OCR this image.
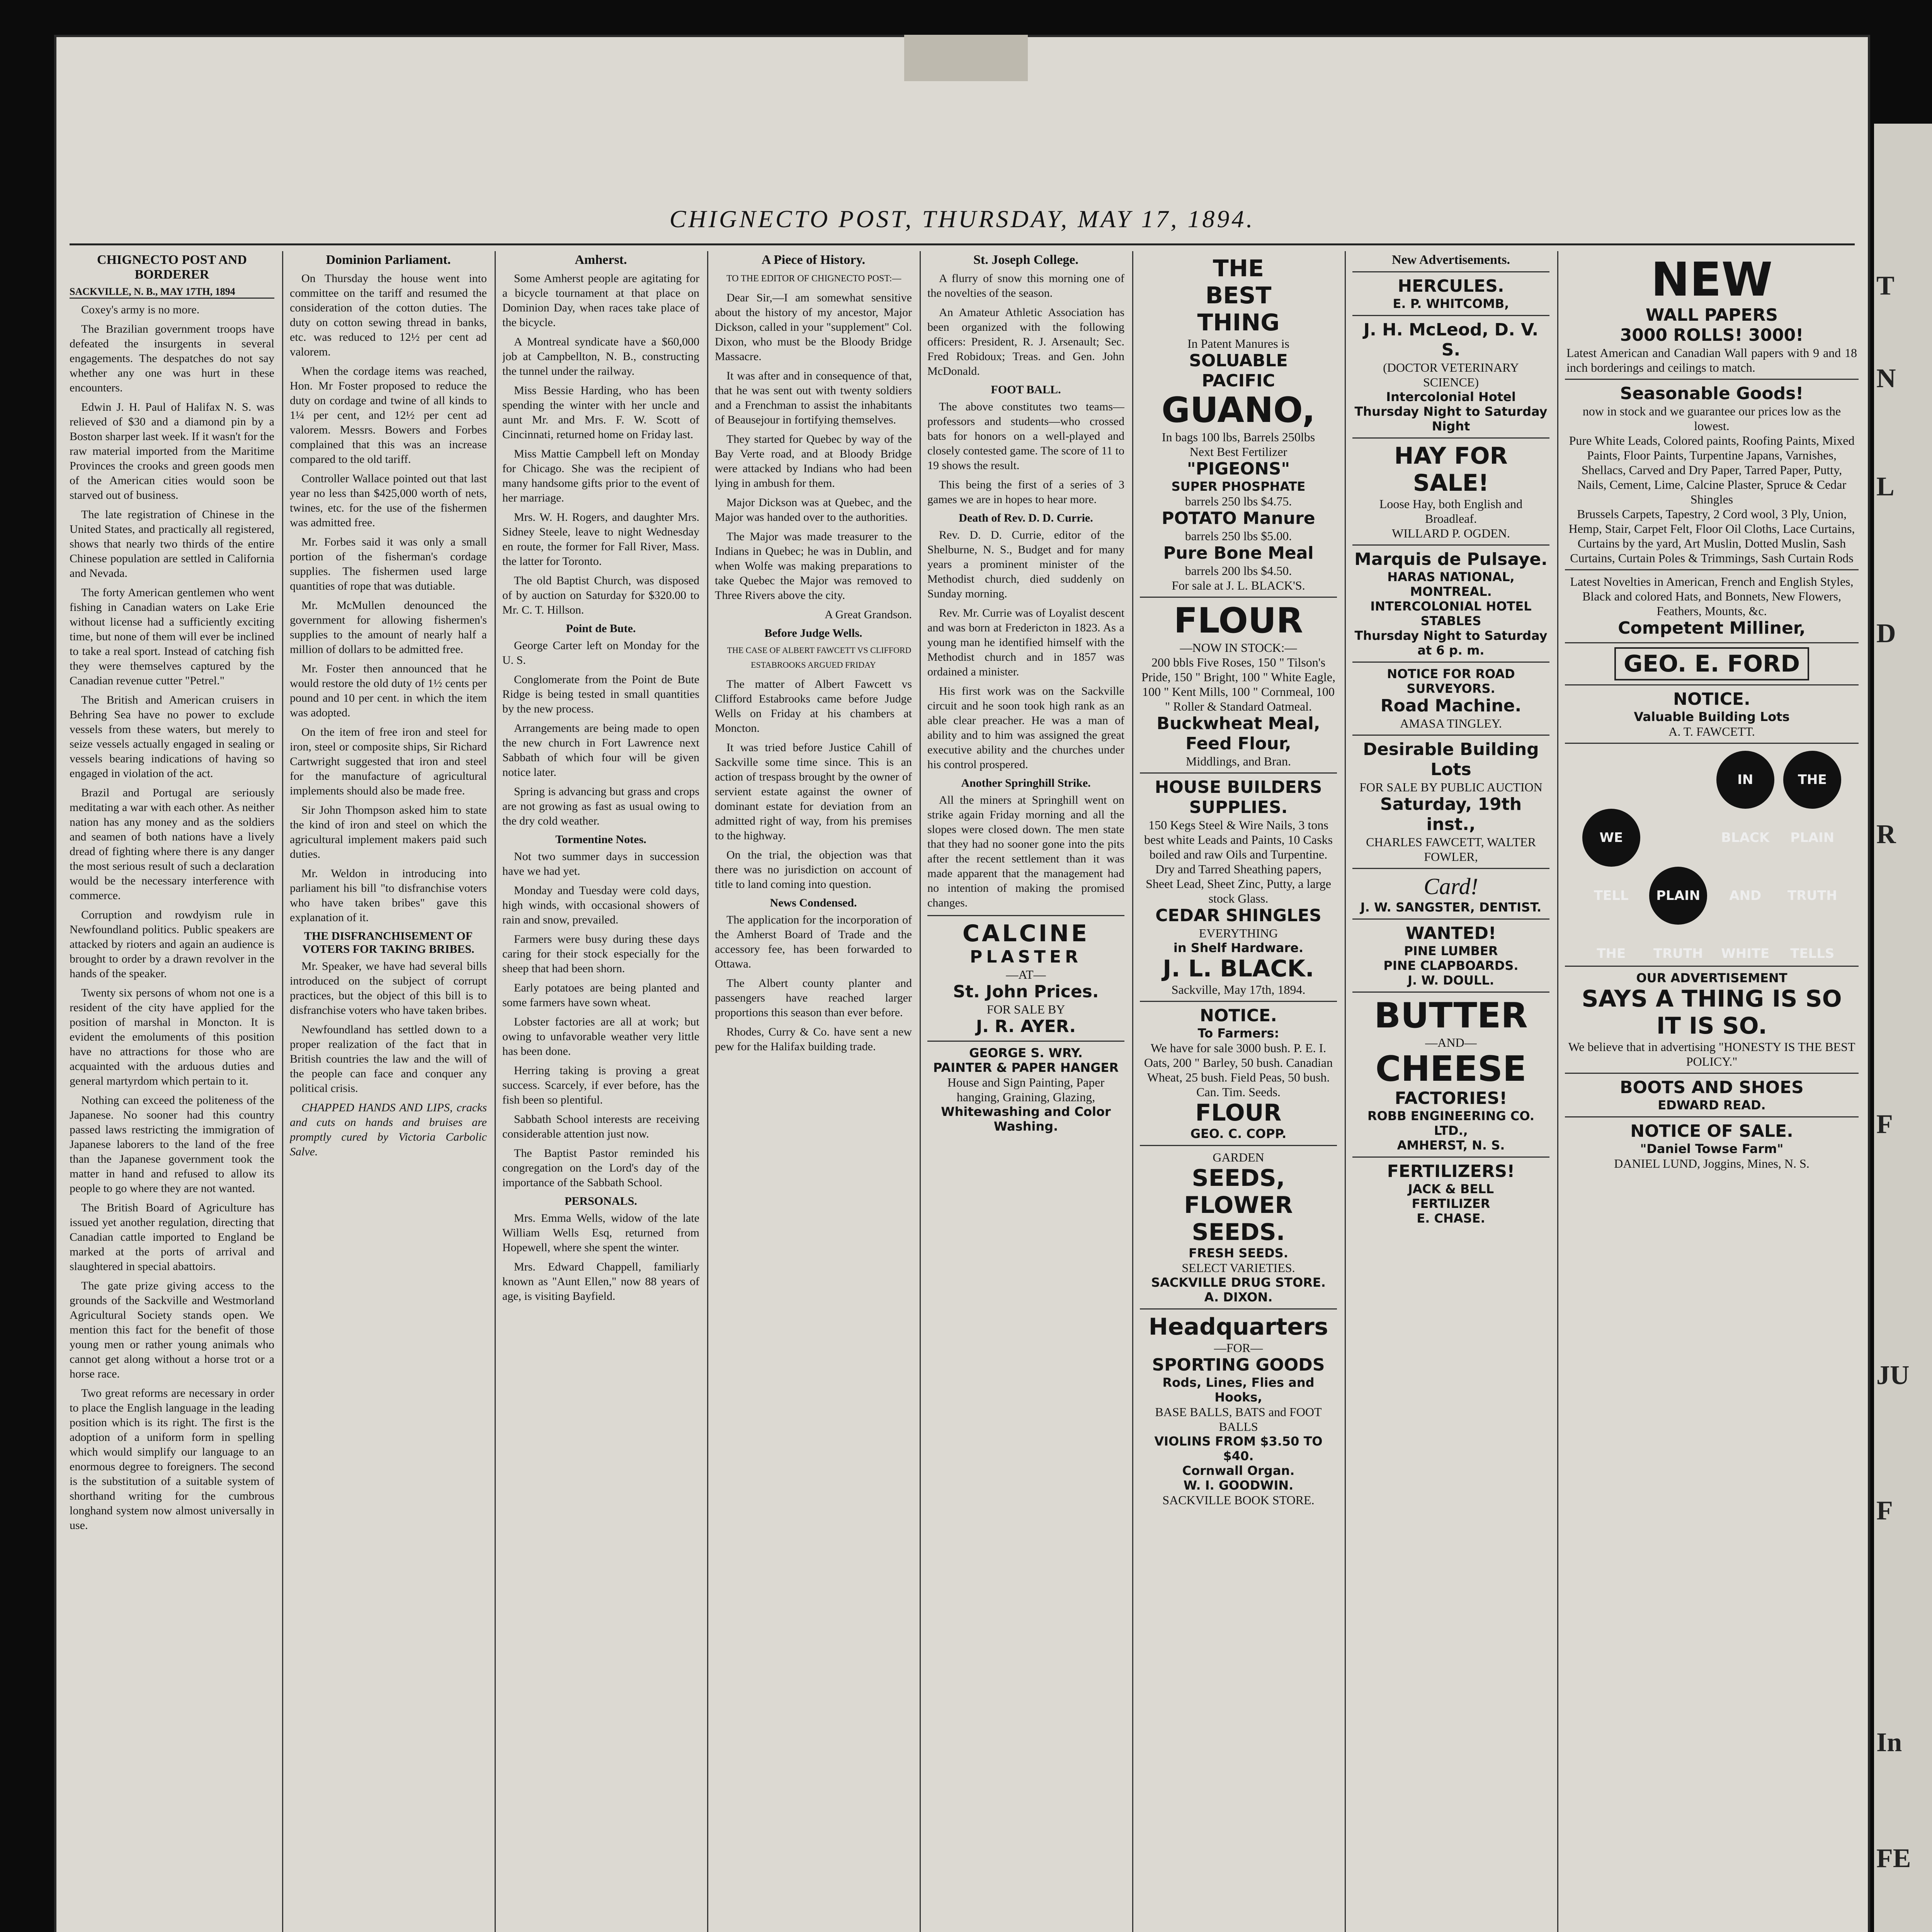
CHIGNECTO POST, THURSDAY, MAY 17, 1894.
CHIGNECTO POST AND BORDERER
SACKVILLE, N. B., MAY 17TH, 1894

Coxey's army is no more.

The Brazilian government troops have defeated the insurgents in several engagements. The despatches do not say whether any one was hurt in these encounters.

Edwin J. H. Paul of Halifax N. S. was relieved of $30 and a diamond pin by a Boston sharper last week. If it wasn't for the raw material imported from the Maritime Provinces the crooks and green goods men of the American cities would soon be starved out of business.

The late registration of Chinese in the United States, and practically all registered, shows that nearly two thirds of the entire Chinese population are settled in California and Nevada.

The forty American gentlemen who went fishing in Canadian waters on Lake Erie without license had a sufficiently exciting time, but none of them will ever be inclined to take a real sport. Instead of catching fish they were themselves captured by the Canadian revenue cutter "Petrel."

The British and American cruisers in Behring Sea have no power to exclude vessels from these waters, but merely to seize vessels actually engaged in sealing or vessels bearing indications of having so engaged in violation of the act.

Brazil and Portugal are seriously meditating a war with each other. As neither nation has any money and as the soldiers and seamen of both nations have a lively dread of fighting where there is any danger the most serious result of such a declaration would be the necessary interference with commerce.

Corruption and rowdyism rule in Newfoundland politics. Public speakers are attacked by rioters and again an audience is brought to order by a drawn revolver in the hands of the speaker.

Twenty six persons of whom not one is a resident of the city have applied for the position of marshal in Moncton. It is evident the emoluments of this position have no attractions for those who are acquainted with the arduous duties and general martyrdom which pertain to it.

Nothing can exceed the politeness of the Japanese. No sooner had this country passed laws restricting the immigration of Japanese laborers to the land of the free than the Japanese government took the matter in hand and refused to allow its people to go where they are not wanted.

The British Board of Agriculture has issued yet another regulation, directing that Canadian cattle imported to England be marked at the ports of arrival and slaughtered in special abattoirs.

The gate prize giving access to the grounds of the Sackville and Westmorland Agricultural Society stands open. We mention this fact for the benefit of those young men or rather young animals who cannot get along without a horse trot or a horse race.

Two great reforms are necessary in order to place the English language in the leading position which is its right. The first is the adoption of a uniform form in spelling which would simplify our language to an enormous degree to foreigners. The second is the substitution of a suitable system of shorthand writing for the cumbrous longhand system now almost universally in use.

Dominion Parliament.

On Thursday the house went into committee on the tariff and resumed the consideration of the cotton duties. The duty on cotton sewing thread in banks, etc. was reduced to 12½ per cent ad valorem.

When the cordage items was reached, Hon. Mr Foster proposed to reduce the duty on cordage and twine of all kinds to 1¼ per cent, and 12½ per cent ad valorem. Messrs. Bowers and Forbes complained that this was an increase compared to the old tariff.

Controller Wallace pointed out that last year no less than $425,000 worth of nets, twines, etc. for the use of the fishermen was admitted free.

Mr. Forbes said it was only a small portion of the fisherman's cordage supplies. The fishermen used large quantities of rope that was dutiable.

Mr. McMullen denounced the government for allowing fishermen's supplies to the amount of nearly half a million of dollars to be admitted free.

Mr. Foster then announced that he would restore the old duty of 1½ cents per pound and 10 per cent. in which the item was adopted.

On the item of free iron and steel for iron, steel or composite ships, Sir Richard Cartwright suggested that iron and steel for the manufacture of agricultural implements should also be made free.

Sir John Thompson asked him to state the kind of iron and steel on which the agricultural implement makers paid such duties.

Mr. Weldon in introducing into parliament his bill "to disfranchise voters who have taken bribes" gave this explanation of it.

THE DISFRANCHISEMENT OF VOTERS FOR TAKING BRIBES.

Mr. Speaker, we have had several bills introduced on the subject of corrupt practices, but the object of this bill is to disfranchise voters who have taken bribes.

Newfoundland has settled down to a proper realization of the fact that in British countries the law and the will of the people can face and conquer any political crisis.

CHAPPED HANDS AND LIPS, cracks and cuts on hands and bruises are promptly cured by Victoria Carbolic Salve.

Amherst.

Some Amherst people are agitating for a bicycle tournament at that place on Dominion Day, when races take place of the bicycle.

A Montreal syndicate have a $60,000 job at Campbellton, N. B., constructing the tunnel under the railway.

Miss Bessie Harding, who has been spending the winter with her uncle and aunt Mr. and Mrs. F. W. Scott of Cincinnati, returned home on Friday last.

Miss Mattie Campbell left on Monday for Chicago. She was the recipient of many handsome gifts prior to the event of her marriage.

Mrs. W. H. Rogers, and daughter Mrs. Sidney Steele, leave to night Wednesday en route, the former for Fall River, Mass. the latter for Toronto.

The old Baptist Church, was disposed of by auction on Saturday for $320.00 to Mr. C. T. Hillson.

Point de Bute.

George Carter left on Monday for the U. S.

Conglomerate from the Point de Bute Ridge is being tested in small quantities by the new process.

Arrangements are being made to open the new church in Fort Lawrence next Sabbath of which four will be given notice later.

Spring is advancing but grass and crops are not growing as fast as usual owing to the dry cold weather.

Tormentine Notes.

Not two summer days in succession have we had yet.

Monday and Tuesday were cold days, high winds, with occasional showers of rain and snow, prevailed.

Farmers were busy during these days caring for their stock especially for the sheep that had been shorn.

Early potatoes are being planted and some farmers have sown wheat.

Lobster factories are all at work; but owing to unfavorable weather very little has been done.

Herring taking is proving a great success. Scarcely, if ever before, has the fish been so plentiful.

Sabbath School interests are receiving considerable attention just now.

The Baptist Pastor reminded his congregation on the Lord's day of the importance of the Sabbath School.

PERSONALS.

Mrs. Emma Wells, widow of the late William Wells Esq, returned from Hopewell, where she spent the winter.

Mrs. Edward Chappell, familiarly known as "Aunt Ellen," now 88 years of age, is visiting Bayfield.

A Piece of History.

TO THE EDITOR OF CHIGNECTO POST:—

Dear Sir,—I am somewhat sensitive about the history of my ancestor, Major Dickson, called in your "supplement" Col. Dixon, who must be the Bloody Bridge Massacre.

It was after and in consequence of that, that he was sent out with twenty soldiers and a Frenchman to assist the inhabitants of Beausejour in fortifying themselves.

They started for Quebec by way of the Bay Verte road, and at Bloody Bridge were attacked by Indians who had been lying in ambush for them.

Major Dickson was at Quebec, and the Major was handed over to the authorities.

The Major was made treasurer to the Indians in Quebec; he was in Dublin, and when Wolfe was making preparations to take Quebec the Major was removed to Three Rivers above the city.

A Great Grandson.

Before Judge Wells.

THE CASE OF ALBERT FAWCETT VS CLIFFORD ESTABROOKS ARGUED FRIDAY

The matter of Albert Fawcett vs Clifford Estabrooks came before Judge Wells on Friday at his chambers at Moncton.

It was tried before Justice Cahill of Sackville some time since. This is an action of trespass brought by the owner of servient estate against the owner of dominant estate for deviation from an admitted right of way, from his premises to the highway.

On the trial, the objection was that there was no jurisdiction on account of title to land coming into question.

News Condensed.

The application for the incorporation of the Amherst Board of Trade and the accessory fee, has been forwarded to Ottawa.

The Albert county planter and passengers have reached larger proportions this season than ever before.

Rhodes, Curry & Co. have sent a new pew for the Halifax building trade.

St. Joseph College.

A flurry of snow this morning one of the novelties of the season.

An Amateur Athletic Association has been organized with the following officers: President, R. J. Arsenault; Sec. Fred Robidoux; Treas. and Gen. John McDonald.

FOOT BALL.

The above constitutes two teams— professors and students—who crossed bats for honors on a well-played and closely contested game. The score of 11 to 19 shows the result.

This being the first of a series of 3 games we are in hopes to hear more.

Death of Rev. D. D. Currie.

Rev. D. D. Currie, editor of the Shelburne, N. S., Budget and for many years a prominent minister of the Methodist church, died suddenly on Sunday morning.

Rev. Mr. Currie was of Loyalist descent and was born at Fredericton in 1823. As a young man he identified himself with the Methodist church and in 1857 was ordained a minister.

His first work was on the Sackville circuit and he soon took high rank as an able clear preacher. He was a man of ability and to him was assigned the great executive ability and the churches under his control prospered.

Another Springhill Strike.

All the miners at Springhill went on strike again Friday morning and all the slopes were closed down. The men state that they had no sooner gone into the pits after the recent settlement than it was made apparent that the management had no intention of making the promised changes.

CALCINE
PLASTER
—AT—
St. John Prices.
FOR SALE BY
J. R. AYER.
GEORGE S. WRY.
PAINTER & PAPER HANGER
House and Sign Painting, Paper hanging, Graining, Glazing,
Whitewashing and Color Washing.
THE
BEST
THING
In Patent Manures is
SOLUABLE
PACIFIC
GUANO,
In bags 100 lbs, Barrels 250lbs
Next Best Fertilizer
"PIGEONS"
SUPER PHOSPHATE
barrels 250 lbs $4.75.
POTATO Manure
barrels 250 lbs $5.00.
Pure Bone Meal
barrels 200 lbs $4.50.
For sale at J. L. BLACK'S.
FLOUR
—NOW IN STOCK:—
200 bbls Five Roses, 150 " Tilson's Pride, 150 " Bright, 100 " White Eagle, 100 " Kent Mills, 100 " Cornmeal, 100 " Roller & Standard Oatmeal.
Buckwheat Meal, Feed Flour,
Middlings, and Bran.
HOUSE BUILDERS SUPPLIES.
150 Kegs Steel & Wire Nails, 3 tons best white Leads and Paints, 10 Casks boiled and raw Oils and Turpentine. Dry and Tarred Sheathing papers, Sheet Lead, Sheet Zinc, Putty, a large stock Glass.
CEDAR SHINGLES
EVERYTHING
in Shelf Hardware.
J. L. BLACK.
Sackville, May 17th, 1894.
NOTICE.
To Farmers:
We have for sale 3000 bush. P. E. I. Oats, 200 " Barley, 50 bush. Canadian Wheat, 25 bush. Field Peas, 50 bush. Can. Tim. Seeds.
FLOUR
GEO. C. COPP.
GARDEN
SEEDS,
FLOWER
SEEDS.
FRESH SEEDS.
SELECT VARIETIES.
SACKVILLE DRUG STORE.
A. DIXON.
Headquarters
—FOR—
SPORTING GOODS
Rods, Lines, Flies and Hooks,
BASE BALLS, BATS and FOOT BALLS
VIOLINS FROM $3.50 TO $40.
Cornwall Organ.
W. I. GOODWIN.
SACKVILLE BOOK STORE.
New Advertisements.
HERCULES.
E. P. WHITCOMB,
J. H. McLeod, D. V. S.
(DOCTOR VETERINARY SCIENCE)
Intercolonial Hotel
Thursday Night to Saturday Night
HAY FOR SALE!
Loose Hay, both English and Broadleaf.
WILLARD P. OGDEN.
Marquis de Pulsaye.
HARAS NATIONAL, MONTREAL.
INTERCOLONIAL HOTEL STABLES
Thursday Night to Saturday at 6 p. m.
NOTICE FOR ROAD SURVEYORS.
Road Machine.
AMASA TINGLEY.
Desirable Building Lots
FOR SALE BY PUBLIC AUCTION
Saturday, 19th inst.,
CHARLES FAWCETT, WALTER FOWLER,
Card!
J. W. SANGSTER, DENTIST.
WANTED!
PINE LUMBER
PINE CLAPBOARDS.
J. W. DOULL.
BUTTER
—AND—
CHEESE
FACTORIES!
ROBB ENGINEERING CO. LTD.,
AMHERST, N. S.
FERTILIZERS!
JACK & BELL
FERTILIZER
E. CHASE.
NEW
WALL PAPERS
3000 ROLLS! 3000!
Latest American and Canadian Wall papers with 9 and 18 inch borderings and ceilings to match.
Seasonable Goods!
now in stock and we guarantee our prices low as the lowest.
Pure White Leads, Colored paints, Roofing Paints, Mixed Paints, Floor Paints, Turpentine Japans, Varnishes, Shellacs, Carved and Dry Paper, Tarred Paper, Putty, Nails, Cement, Lime, Calcine Plaster, Spruce & Cedar Shingles
Brussels Carpets, Tapestry, 2 Cord wool, 3 Ply, Union, Hemp, Stair, Carpet Felt, Floor Oil Cloths, Lace Curtains, Curtains by the yard, Art Muslin, Dotted Muslin, Sash Curtains, Curtain Poles & Trimmings, Sash Curtain Rods
Latest Novelties in American, French and English Styles, Black and colored Hats, and Bonnets, New Flowers, Feathers, Mounts, &c.
Competent Milliner,
GEO. E. FORD
NOTICE.
Valuable Building Lots
A. T. FAWCETT.
WE TELL THE PLAIN TRUTH IN BLACK AND WHITE THE PLAIN TRUTH TELLS
OUR ADVERTISEMENT
SAYS A THING IS SO IT IS SO.
We believe that in advertising "HONESTY IS THE BEST POLICY."
BOOTS AND SHOES
EDWARD READ.
NOTICE OF SALE.
"Daniel Towse Farm"
DANIEL LUND, Joggins, Mines, N. S.
T
N
L
D
R
F
JU
F
In
FE
